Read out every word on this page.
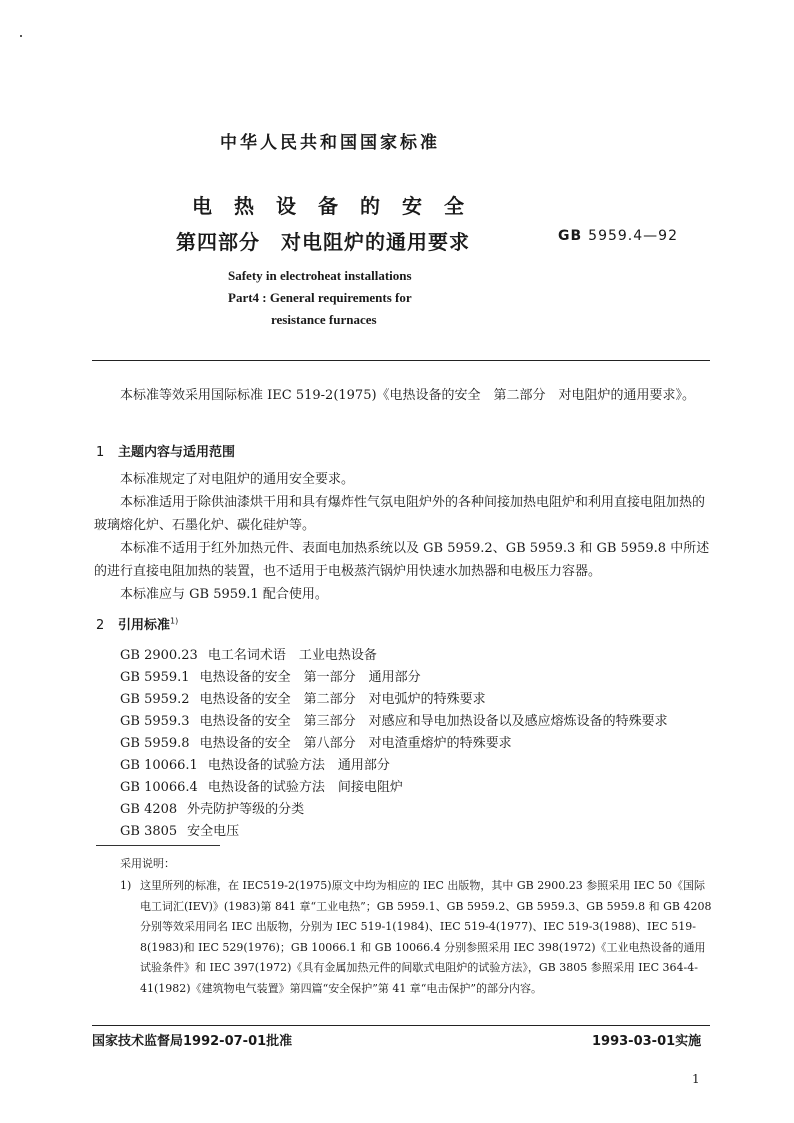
中华人民共和国国家标准
电热设备的安全
第四部分　对电阻炉的通用要求	GB 5959.4—92
Safety in electroheat installations
Part4 : General requirements for
resistance furnaces
本标准等效采用国际标准 IEC 519-2(1975)《电热设备的安全　第二部分　对电阻炉的通用要求》。
1 主题内容与适用范围
本标准规定了对电阻炉的通用安全要求。
本标准适用于除供油漆烘干用和具有爆炸性气氛电阻炉外的各种间接加热电阻炉和利用直接电阻加热的玻璃熔化炉、石墨化炉、碳化硅炉等。
本标准不适用于红外加热元件、表面电加热系统以及 GB 5959.2、GB 5959.3 和 GB 5959.8 中所述的进行直接电阻加热的装置，也不适用于电极蒸汽锅炉用快速水加热器和电极压力容器。
本标准应与 GB 5959.1 配合使用。
2 引用标准$^{1)}$
GB 2900.23 电工名词术语　工业电热设备
GB 5959.1 电热设备的安全　第一部分　通用部分
GB 5959.2 电热设备的安全　第二部分　对电弧炉的特殊要求
GB 5959.3 电热设备的安全　第三部分　对感应和导电加热设备以及感应熔炼设备的特殊要求
GB 5959.8 电热设备的安全　第八部分　对电渣重熔炉的特殊要求
GB 10066.1 电热设备的试验方法　通用部分
GB 10066.4 电热设备的试验方法　间接电阻炉
GB 4208 外壳防护等级的分类
GB 3805 安全电压
采用说明：
1) 这里所列的标准，在 IEC519-2(1975)原文中均为相应的 IEC 出版物，其中 GB 2900.23 参照采用 IEC 50《国际电工词汇(IEV)》(1983)第 841 章“工业电热”；GB 5959.1、GB 5959.2、GB 5959.3、GB 5959.8 和 GB 4208 分别等效采用同名 IEC 出版物，分别为 IEC 519-1(1984)、IEC 519-4(1977)、IEC 519-3(1988)、IEC 519-8(1983)和 IEC 529(1976)；GB 10066.1 和 GB 10066.4 分别参照采用 IEC 398(1972)《工业电热设备的通用试验条件》和 IEC 397(1972)《具有金属加热元件的间歇式电阻炉的试验方法》，GB 3805 参照采用 IEC 364-4-41(1982)《建筑物电气装置》第四篇“安全保护”第 41 章“电击保护”的部分内容。
国家技术监督局1992-07-01批准	1993-03-01实施
1
